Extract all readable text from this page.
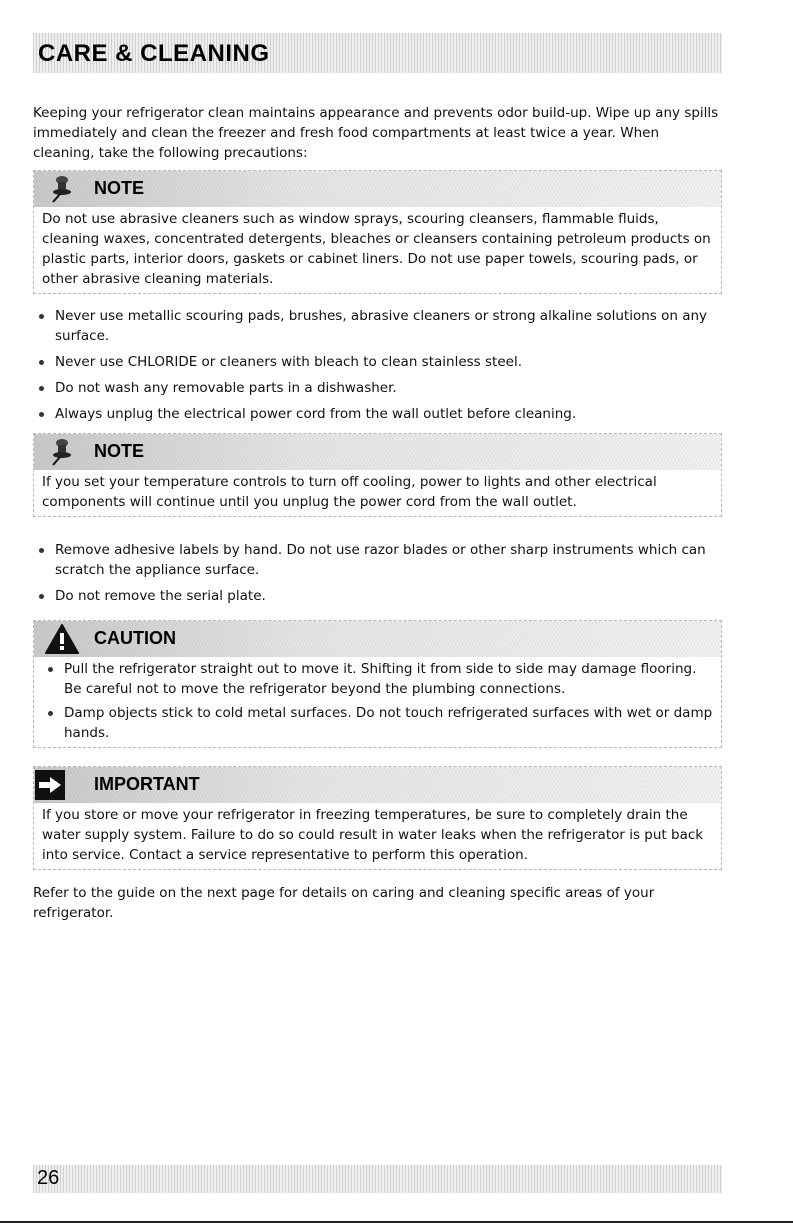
CARE & CLEANING
Keeping your refrigerator clean maintains appearance and prevents odor build-up. Wipe up any spills immediately and clean the freezer and fresh food compartments at least twice a year. When cleaning, take the following precautions:
NOTE
Do not use abrasive cleaners such as window sprays, scouring cleansers, flammable fluids, cleaning waxes, concentrated detergents, bleaches or cleansers containing petroleum products on plastic parts, interior doors, gaskets or cabinet liners. Do not use paper towels, scouring pads, or other abrasive cleaning materials.
Never use metallic scouring pads, brushes, abrasive cleaners or strong alkaline solutions on any surface.
Never use CHLORIDE or cleaners with bleach to clean stainless steel.
Do not wash any removable parts in a dishwasher.
Always unplug the electrical power cord from the wall outlet before cleaning.
NOTE
If you set your temperature controls to turn off cooling, power to lights and other electrical components will continue until you unplug the power cord from the wall outlet.
Remove adhesive labels by hand. Do not use razor blades or other sharp instruments which can scratch the appliance surface.
Do not remove the serial plate.
CAUTION
Pull the refrigerator straight out to move it. Shifting it from side to side may damage flooring. Be careful not to move the refrigerator beyond the plumbing connections.
Damp objects stick to cold metal surfaces. Do not touch refrigerated surfaces with wet or damp hands.
IMPORTANT
If you store or move your refrigerator in freezing temperatures, be sure to completely drain the water supply system. Failure to do so could result in water leaks when the refrigerator is put back into service. Contact a service representative to perform this operation.
Refer to the guide on the next page for details on caring and cleaning specific areas of your refrigerator.
26
